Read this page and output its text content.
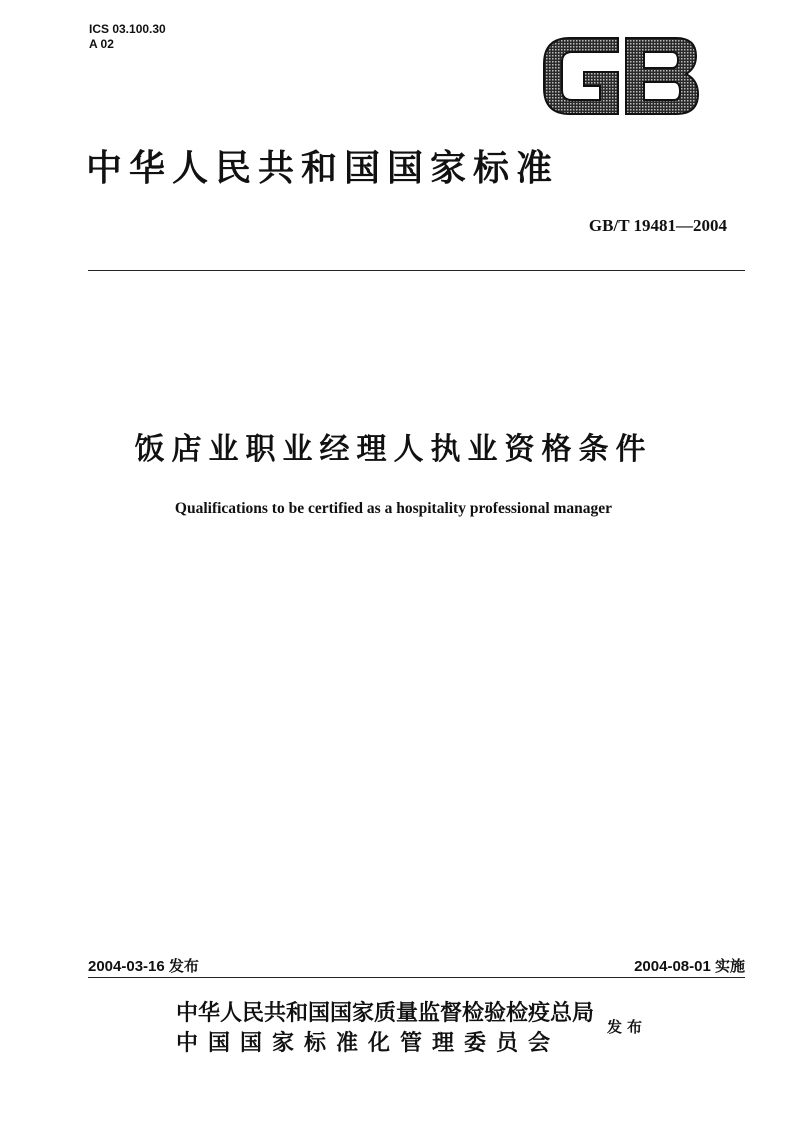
ICS 03.100.30
A 02
中华人民共和国国家标准
GB/T 19481—2004
饭店业职业经理人执业资格条件
Qualifications to be certified as a hospitality professional manager
2004-03-16 发布	2004-08-01 实施
中华人民共和国国家质量监督检验检疫总局
中国国家标准化管理委员会
发布
